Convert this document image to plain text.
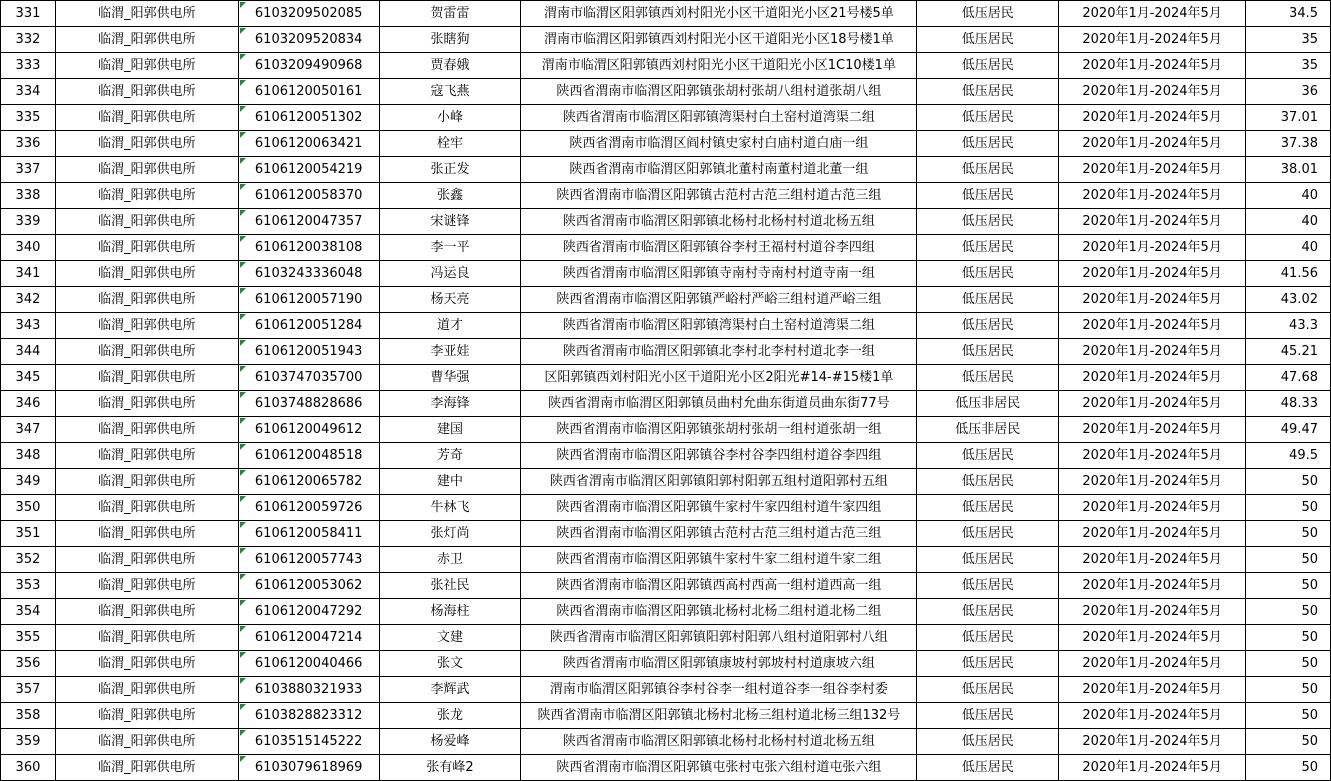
331	临渭_阳郭供电所	6103209502085	贺雷雷	渭南市临渭区阳郭镇西刘村阳光小区干道阳光小区21号楼5单	低压居民	2020年1月-2024年5月	34.5
332	临渭_阳郭供电所	6103209520834	张瞎狗	渭南市临渭区阳郭镇西刘村阳光小区干道阳光小区18号楼1单	低压居民	2020年1月-2024年5月	35
333	临渭_阳郭供电所	6103209490968	贾春娥	渭南市临渭区阳郭镇西刘村阳光小区干道阳光小区1C10楼1单	低压居民	2020年1月-2024年5月	35
334	临渭_阳郭供电所	6106120050161	寇飞燕	陕西省渭南市临渭区阳郭镇张胡村张胡八组村道张胡八组	低压居民	2020年1月-2024年5月	36
335	临渭_阳郭供电所	6106120051302	小峰	陕西省渭南市临渭区阳郭镇湾渠村白土窑村道湾渠二组	低压居民	2020年1月-2024年5月	37.01
336	临渭_阳郭供电所	6106120063421	栓牢	陕西省渭南市临渭区阎村镇史家村白庙村道白庙一组	低压居民	2020年1月-2024年5月	37.38
337	临渭_阳郭供电所	6106120054219	张正发	陕西省渭南市临渭区阳郭镇北董村南董村道北董一组	低压居民	2020年1月-2024年5月	38.01
338	临渭_阳郭供电所	6106120058370	张鑫	陕西省渭南市临渭区阳郭镇古范村古范三组村道古范三组	低压居民	2020年1月-2024年5月	40
339	临渭_阳郭供电所	6106120047357	宋谜锋	陕西省渭南市临渭区阳郭镇北杨村北杨村村道北杨五组	低压居民	2020年1月-2024年5月	40
340	临渭_阳郭供电所	6106120038108	李一平	陕西省渭南市临渭区阳郭镇谷李村王福村村道谷李四组	低压居民	2020年1月-2024年5月	40
341	临渭_阳郭供电所	6103243336048	冯运良	陕西省渭南市临渭区阳郭镇寺南村寺南村村道寺南一组	低压居民	2020年1月-2024年5月	41.56
342	临渭_阳郭供电所	6106120057190	杨天亮	陕西省渭南市临渭区阳郭镇严峪村严峪三组村道严峪三组	低压居民	2020年1月-2024年5月	43.02
343	临渭_阳郭供电所	6106120051284	道才	陕西省渭南市临渭区阳郭镇湾渠村白土窑村道湾渠二组	低压居民	2020年1月-2024年5月	43.3
344	临渭_阳郭供电所	6106120051943	李亚娃	陕西省渭南市临渭区阳郭镇北李村北李村村道北李一组	低压居民	2020年1月-2024年5月	45.21
345	临渭_阳郭供电所	6103747035700	曹华强	区阳郭镇西刘村阳光小区干道阳光小区2阳光#14-#15楼1单	低压居民	2020年1月-2024年5月	47.68
346	临渭_阳郭供电所	6103748828686	李海锋	陕西省渭南市临渭区阳郭镇员曲村允曲东街道员曲东街77号	低压非居民	2020年1月-2024年5月	48.33
347	临渭_阳郭供电所	6106120049612	建国	陕西省渭南市临渭区阳郭镇张胡村张胡一组村道张胡一组	低压非居民	2020年1月-2024年5月	49.47
348	临渭_阳郭供电所	6106120048518	芳奇	陕西省渭南市临渭区阳郭镇谷李村谷李四组村道谷李四组	低压居民	2020年1月-2024年5月	49.5
349	临渭_阳郭供电所	6106120065782	建中	陕西省渭南市临渭区阳郭镇阳郭村阳郭五组村道阳郭村五组	低压居民	2020年1月-2024年5月	50
350	临渭_阳郭供电所	6106120059726	牛林飞	陕西省渭南市临渭区阳郭镇牛家村牛家四组村道牛家四组	低压居民	2020年1月-2024年5月	50
351	临渭_阳郭供电所	6106120058411	张灯尚	陕西省渭南市临渭区阳郭镇古范村古范三组村道古范三组	低压居民	2020年1月-2024年5月	50
352	临渭_阳郭供电所	6106120057743	赤卫	陕西省渭南市临渭区阳郭镇牛家村牛家二组村道牛家二组	低压居民	2020年1月-2024年5月	50
353	临渭_阳郭供电所	6106120053062	张社民	陕西省渭南市临渭区阳郭镇西高村西高一组村道西高一组	低压居民	2020年1月-2024年5月	50
354	临渭_阳郭供电所	6106120047292	杨海柱	陕西省渭南市临渭区阳郭镇北杨村北杨二组村道北杨二组	低压居民	2020年1月-2024年5月	50
355	临渭_阳郭供电所	6106120047214	文建	陕西省渭南市临渭区阳郭镇阳郭村阳郭八组村道阳郭村八组	低压居民	2020年1月-2024年5月	50
356	临渭_阳郭供电所	6106120040466	张文	陕西省渭南市临渭区阳郭镇康坡村郭坡村村道康坡六组	低压居民	2020年1月-2024年5月	50
357	临渭_阳郭供电所	6103880321933	李辉武	渭南市临渭区阳郭镇谷李村谷李一组村道谷李一组谷李村委	低压居民	2020年1月-2024年5月	50
358	临渭_阳郭供电所	6103828823312	张龙	陕西省渭南市临渭区阳郭镇北杨村北杨三组村道北杨三组132号	低压居民	2020年1月-2024年5月	50
359	临渭_阳郭供电所	6103515145222	杨爱峰	陕西省渭南市临渭区阳郭镇北杨村北杨村村道北杨五组	低压居民	2020年1月-2024年5月	50
360	临渭_阳郭供电所	6103079618969	张有峰2	陕西省渭南市临渭区阳郭镇屯张村屯张六组村道屯张六组	低压居民	2020年1月-2024年5月	50
